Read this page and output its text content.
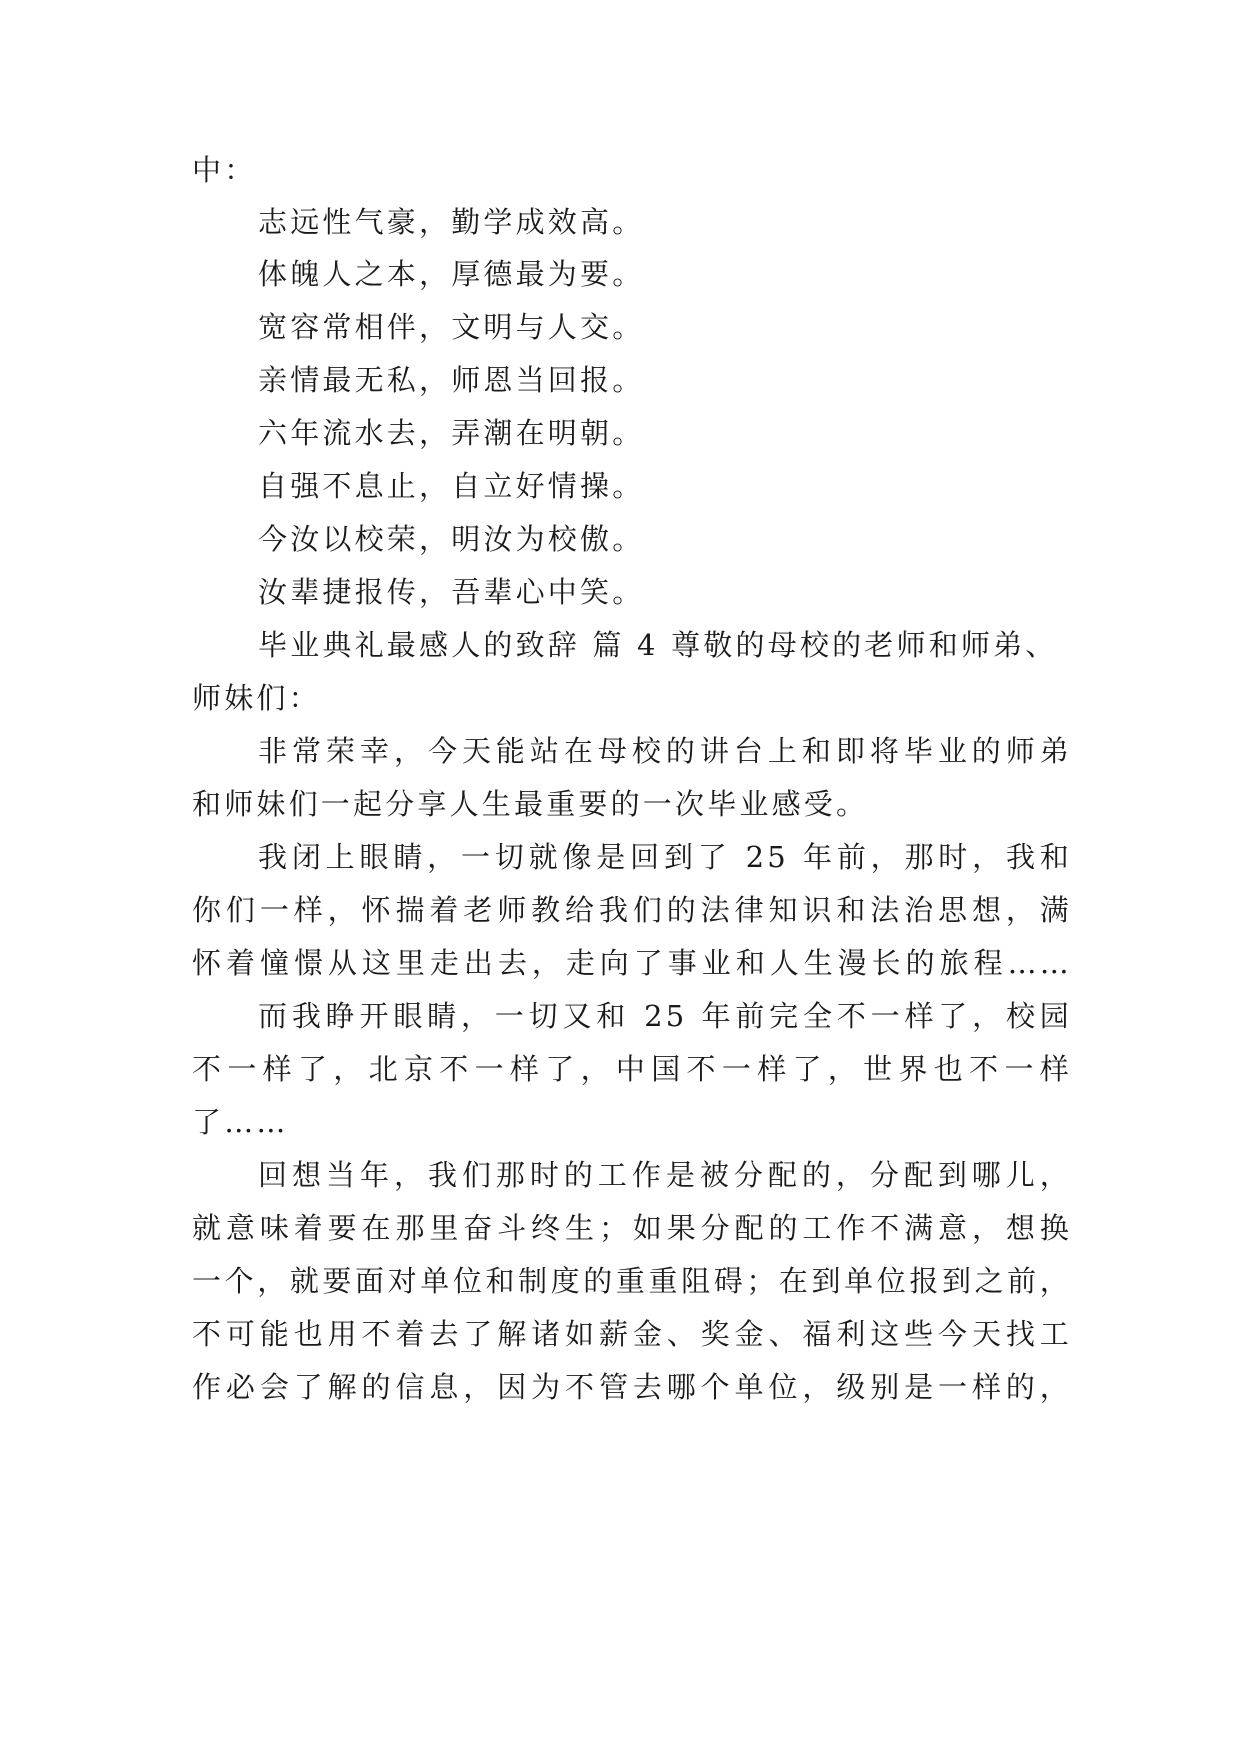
中：
志远性气豪，勤学成效高。
体魄人之本，厚德最为要。
宽容常相伴，文明与人交。
亲情最无私，师恩当回报。
六年流水去，弄潮在明朝。
自强不息止，自立好情操。
今汝以校荣，明汝为校傲。
汝辈捷报传，吾辈心中笑。
毕业典礼最感人的致辞 篇 4 尊敬的母校的老师和师弟、
师妹们：
非常荣幸，今天能站在母校的讲台上和即将毕业的师弟
和师妹们一起分享人生最重要的一次毕业感受。
我闭上眼睛，一切就像是回到了 25 年前，那时，我和
你们一样，怀揣着老师教给我们的法律知识和法治思想，满
怀着憧憬从这里走出去，走向了事业和人生漫长的旅程……
而我睁开眼睛，一切又和 25 年前完全不一样了，校园
不一样了，北京不一样了，中国不一样了，世界也不一样
了……
回想当年，我们那时的工作是被分配的，分配到哪儿，
就意味着要在那里奋斗终生；如果分配的工作不满意，想换
一个，就要面对单位和制度的重重阻碍；在到单位报到之前，
不可能也用不着去了解诸如薪金、奖金、福利这些今天找工
作必会了解的信息，因为不管去哪个单位，级别是一样的，
